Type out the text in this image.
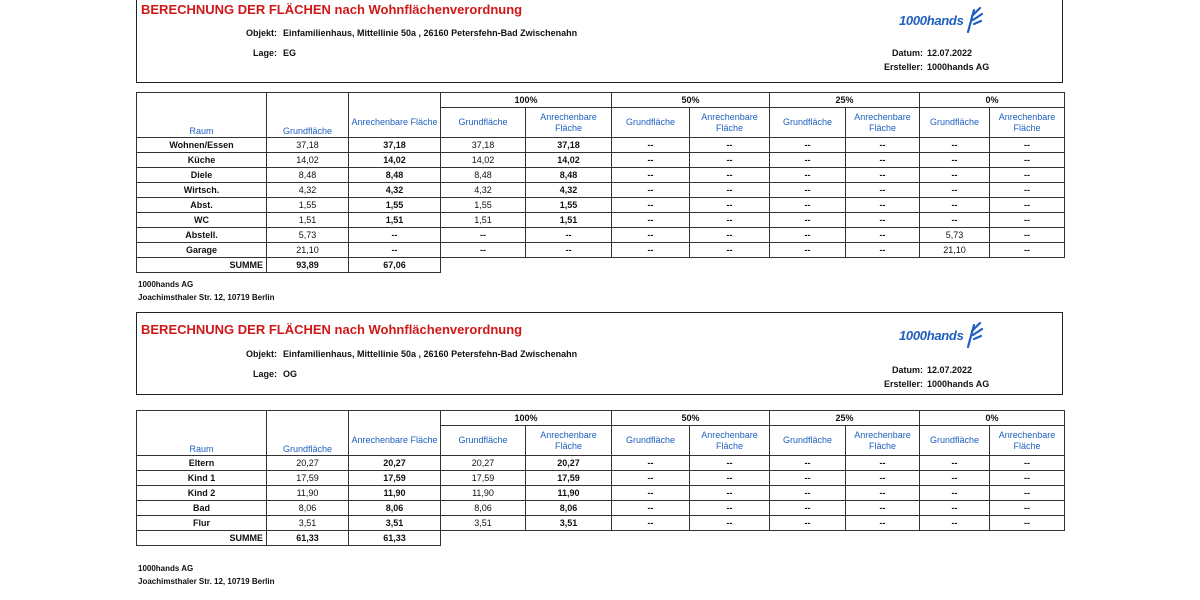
BERECHNUNG DER FLÄCHEN nach Wohnflächenverordnung
Objekt: Einfamilienhaus, Mittellinie 50a , 26160 Petersfehn-Bad Zwischenahn
Lage: EG	Datum: 12.07.2022
Ersteller: 1000hands AG
1000hands
			100%		50%		25%		0%	
Raum	Grundfläche	Anrechenbare Fläche	Grundfläche	Anrechenbare Fläche	Grundfläche	Anrechenbare Fläche	Grundfläche	Anrechenbare Fläche	Grundfläche	Anrechenbare Fläche
Wohnen/Essen	37,18	37,18	37,18	37,18	--	--	--	--	--	--
Küche	14,02	14,02	14,02	14,02	--	--	--	--	--	--
Diele	8,48	8,48	8,48	8,48	--	--	--	--	--	--
Wirtsch.	4,32	4,32	4,32	4,32	--	--	--	--	--	--
Abst.	1,55	1,55	1,55	1,55	--	--	--	--	--	--
WC	1,51	1,51	1,51	1,51	--	--	--	--	--	--
Abstell.	5,73	--	--	--	--	--	--	--	5,73	--
Garage	21,10	--	--	--	--	--	--	--	21,10	--
SUMME	93,89	67,06								
1000hands AG
Joachimsthaler Str. 12, 10719 Berlin
BERECHNUNG DER FLÄCHEN nach Wohnflächenverordnung
Objekt: Einfamilienhaus, Mittellinie 50a , 26160 Petersfehn-Bad Zwischenahn
Lage: OG	Datum: 12.07.2022
Ersteller: 1000hands AG
1000hands
			100%		50%		25%		0%	
Raum	Grundfläche	Anrechenbare Fläche	Grundfläche	Anrechenbare Fläche	Grundfläche	Anrechenbare Fläche	Grundfläche	Anrechenbare Fläche	Grundfläche	Anrechenbare Fläche
Eltern	20,27	20,27	20,27	20,27	--	--	--	--	--	--
Kind 1	17,59	17,59	17,59	17,59	--	--	--	--	--	--
Kind 2	11,90	11,90	11,90	11,90	--	--	--	--	--	--
Bad	8,06	8,06	8,06	8,06	--	--	--	--	--	--
Flur	3,51	3,51	3,51	3,51	--	--	--	--	--	--
SUMME	61,33	61,33								
1000hands AG
Joachimsthaler Str. 12, 10719 Berlin
